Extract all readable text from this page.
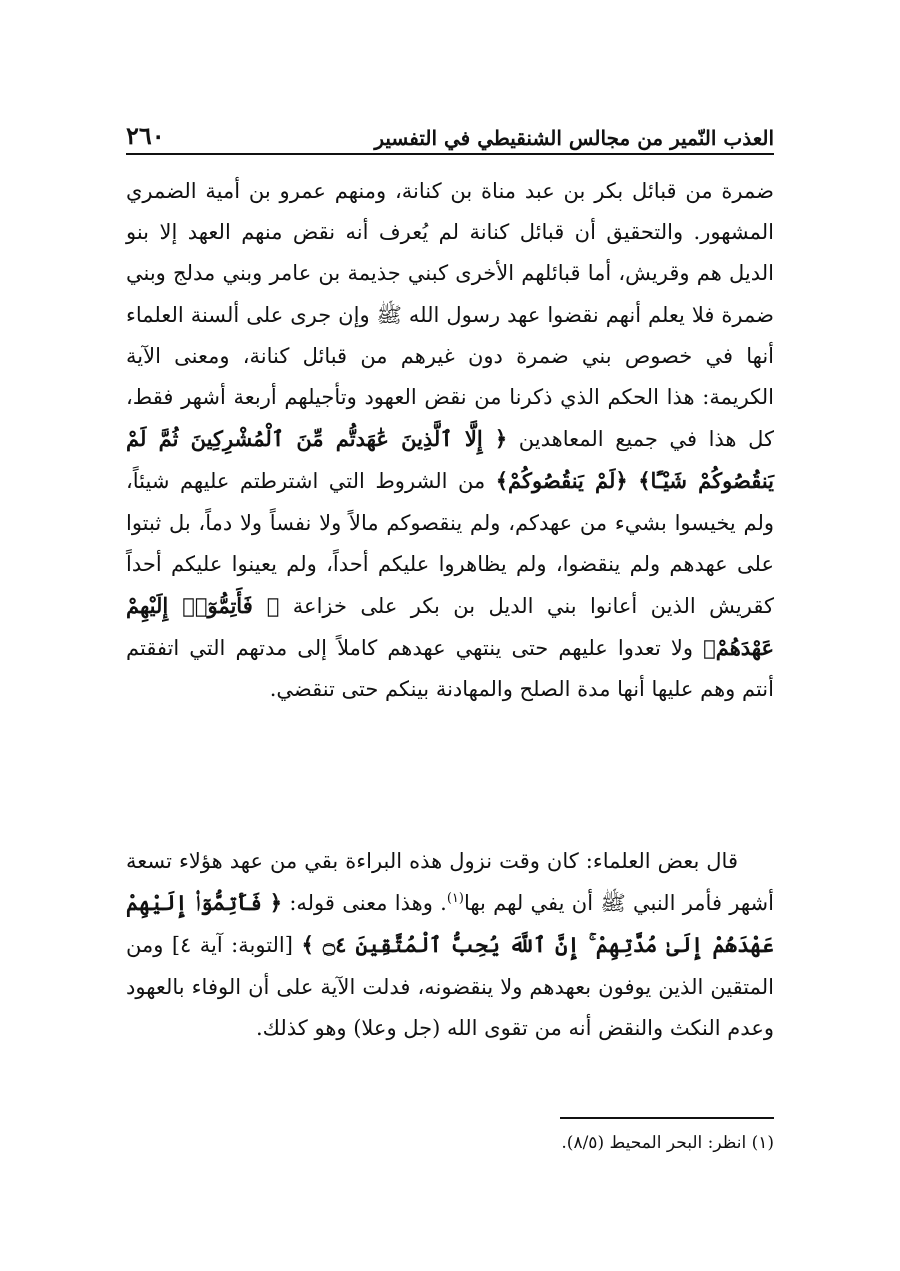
العذب النّمير من مجالس الشنقيطي في التفسير
٢٦٠

ضمرة من قبائل بكر بن عبد مناة بن كنانة، ومنهم عمرو بن أمية الضمري المشهور. والتحقيق أن قبائل كنانة لم يُعرف أنه نقض منهم العهد إلا بنو الديل هم وقريش، أما قبائلهم الأخرى كبني جذيمة بن عامر وبني مدلج وبني ضمرة فلا يعلم أنهم نقضوا عهد رسول الله ﷺ وإن جرى على ألسنة العلماء أنها في خصوص بني ضمرة دون غيرهم من قبائل كنانة، ومعنى الآية الكريمة: هذا الحكم الذي ذكرنا من نقض العهود وتأجيلهم أربعة أشهر فقط، كل هذا في جميع المعاهدين ﴿ إِلَّا ٱلَّذِينَ عَٰهَدتُّم مِّنَ ٱلْمُشْرِكِينَ ثُمَّ لَمْ يَنقُصُوكُمْ شَيْـًٔا﴾ ﴿لَمْ يَنقُصُوكُمْ﴾ من الشروط التي اشترطتم عليهم شيئاً، ولم يخيسوا بشيء من عهدكم، ولم ينقصوكم مالاً ولا نفساً ولا دماً، بل ثبتوا على عهدهم ولم ينقضوا، ولم يظاهروا عليكم أحداً، ولم يعينوا عليكم أحداً كقريش الذين أعانوا بني الديل بن بكر على خزاعة ﴿ فَأَتِمُّوٓا۟ إِلَيْهِمْ عَهْدَهُمْ﴾ ولا تعدوا عليهم حتى ينتهي عهدهم كاملاً إلى مدتهم التي اتفقتم أنتم وهم عليها أنها مدة الصلح والمهادنة بينكم حتى تنقضي.

قال بعض العلماء: كان وقت نزول هذه البراءة بقي من عهد هؤلاء تسعة أشهر فأمر النبي ﷺ أن يفي لهم بها$^{(١)}$. وهذا معنى قوله: ﴿ فَأَتِمُّوٓا۟ إِلَيْهِمْ عَهْدَهُمْ إِلَىٰ مُدَّتِهِمْ ۚ إِنَّ ٱللَّهَ يُحِبُّ ٱلْمُتَّقِينَ ۝٤ ﴾ [التوبة: آية ٤] ومن المتقين الذين يوفون بعهدهم ولا ينقضونه، فدلت الآية على أن الوفاء بالعهود وعدم النكث والنقض أنه من تقوى الله (جل وعلا) وهو كذلك.

(١) انظر: البحر المحيط (٨/٥).
